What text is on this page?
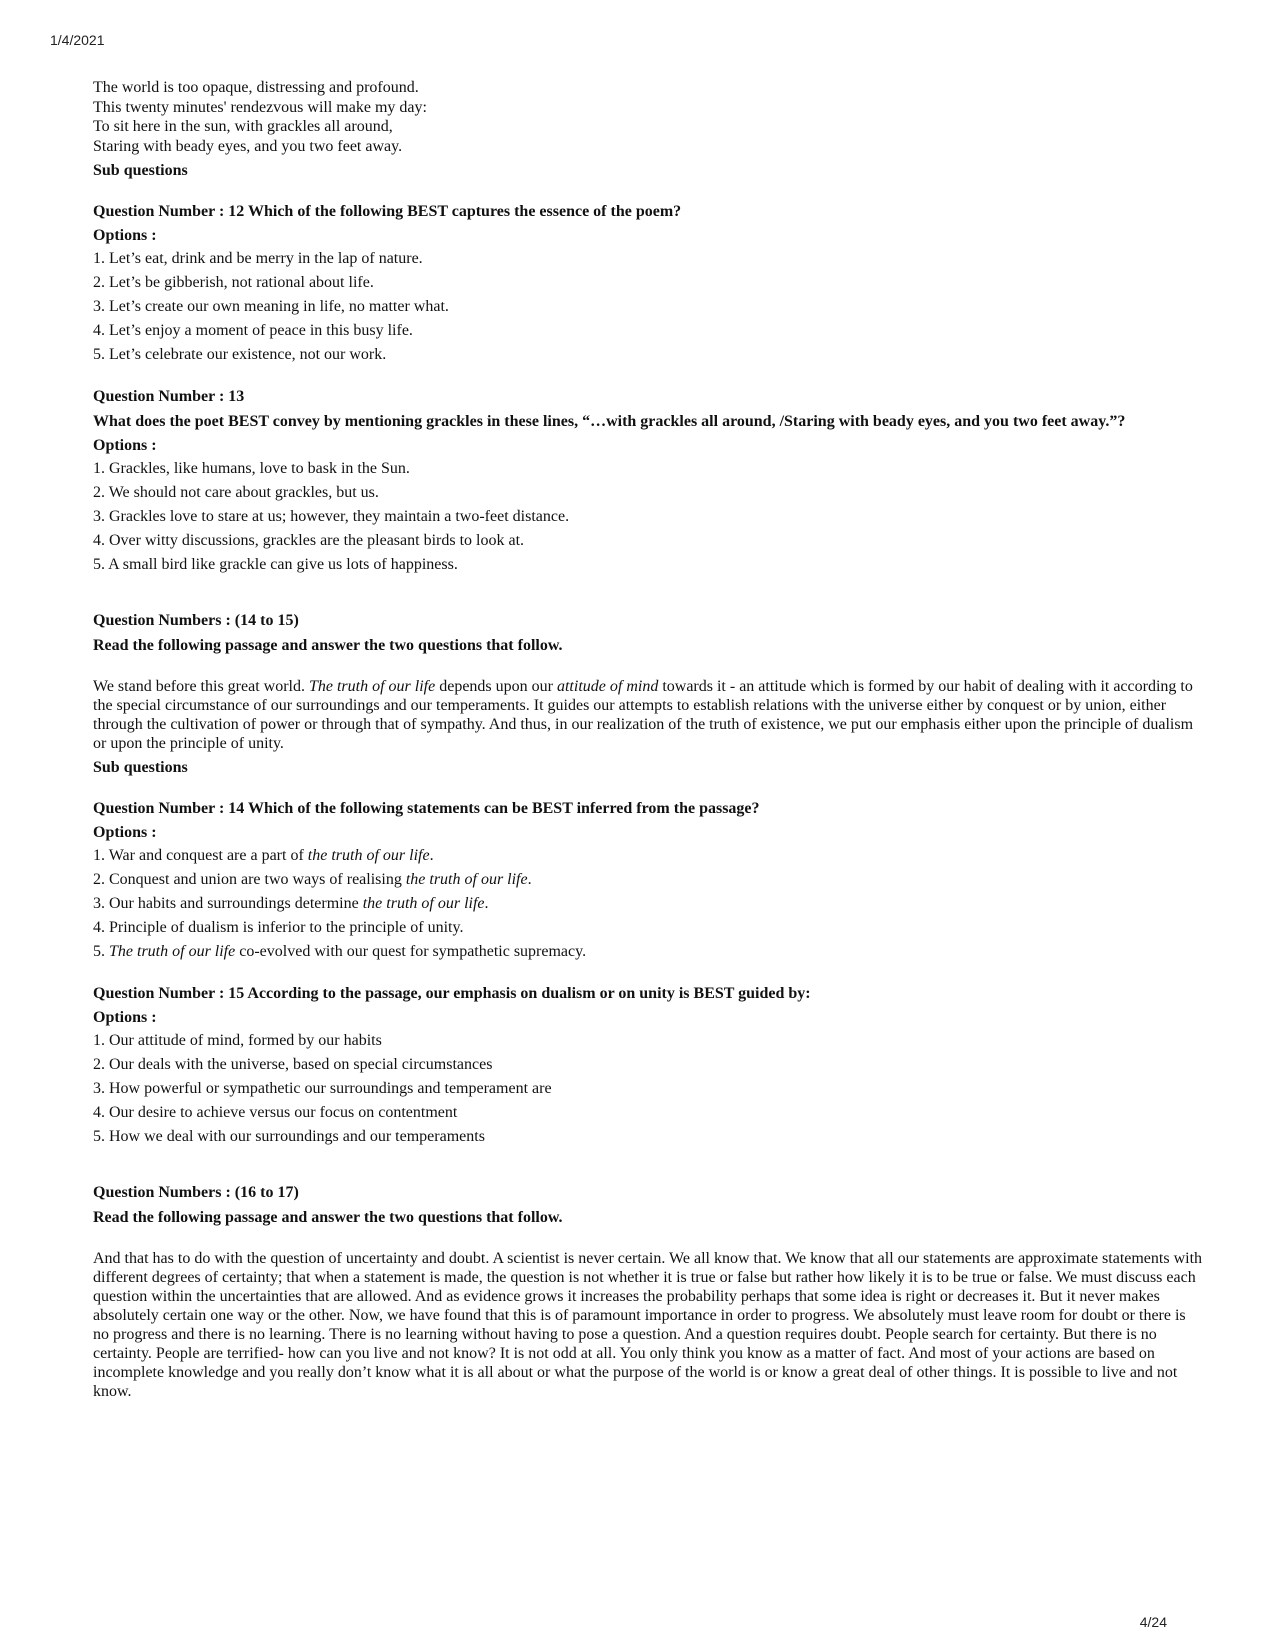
1/4/2021
The world is too opaque, distressing and profound.
This twenty minutes' rendezvous will make my day:
To sit here in the sun, with grackles all around,
Staring with beady eyes, and you two feet away.
Sub questions
Question Number : 12 Which of the following BEST captures the essence of the poem?
Options :
1. Let’s eat, drink and be merry in the lap of nature.
2. Let’s be gibberish, not rational about life.
3. Let’s create our own meaning in life, no matter what.
4. Let’s enjoy a moment of peace in this busy life.
5. Let’s celebrate our existence, not our work.
Question Number : 13
What does the poet BEST convey by mentioning grackles in these lines, “…with grackles all around, /Staring with beady eyes, and you two feet away.”?
Options :
1. Grackles, like humans, love to bask in the Sun.
2. We should not care about grackles, but us.
3. Grackles love to stare at us; however, they maintain a two-feet distance.
4. Over witty discussions, grackles are the pleasant birds to look at.
5. A small bird like grackle can give us lots of happiness.
Question Numbers : (14 to 15)
Read the following passage and answer the two questions that follow.
We stand before this great world. The truth of our life depends upon our attitude of mind towards it - an attitude which is formed by our habit of dealing with it according to the special circumstance of our surroundings and our temperaments. It guides our attempts to establish relations with the universe either by conquest or by union, either through the cultivation of power or through that of sympathy. And thus, in our realization of the truth of existence, we put our emphasis either upon the principle of dualism or upon the principle of unity.
Sub questions
Question Number : 14 Which of the following statements can be BEST inferred from the passage?
Options :
1. War and conquest are a part of the truth of our life.
2. Conquest and union are two ways of realising the truth of our life.
3. Our habits and surroundings determine the truth of our life.
4. Principle of dualism is inferior to the principle of unity.
5. The truth of our life co-evolved with our quest for sympathetic supremacy.
Question Number : 15 According to the passage, our emphasis on dualism or on unity is BEST guided by:
Options :
1. Our attitude of mind, formed by our habits
2. Our deals with the universe, based on special circumstances
3. How powerful or sympathetic our surroundings and temperament are
4. Our desire to achieve versus our focus on contentment
5. How we deal with our surroundings and our temperaments
Question Numbers : (16 to 17)
Read the following passage and answer the two questions that follow.
And that has to do with the question of uncertainty and doubt. A scientist is never certain. We all know that. We know that all our statements are approximate statements with different degrees of certainty; that when a statement is made, the question is not whether it is true or false but rather how likely it is to be true or false. We must discuss each question within the uncertainties that are allowed. And as evidence grows it increases the probability perhaps that some idea is right or decreases it. But it never makes absolutely certain one way or the other. Now, we have found that this is of paramount importance in order to progress. We absolutely must leave room for doubt or there is no progress and there is no learning. There is no learning without having to pose a question. And a question requires doubt. People search for certainty. But there is no certainty. People are terrified- how can you live and not know? It is not odd at all. You only think you know as a matter of fact. And most of your actions are based on incomplete knowledge and you really don’t know what it is all about or what the purpose of the world is or know a great deal of other things. It is possible to live and not know.
4/24
